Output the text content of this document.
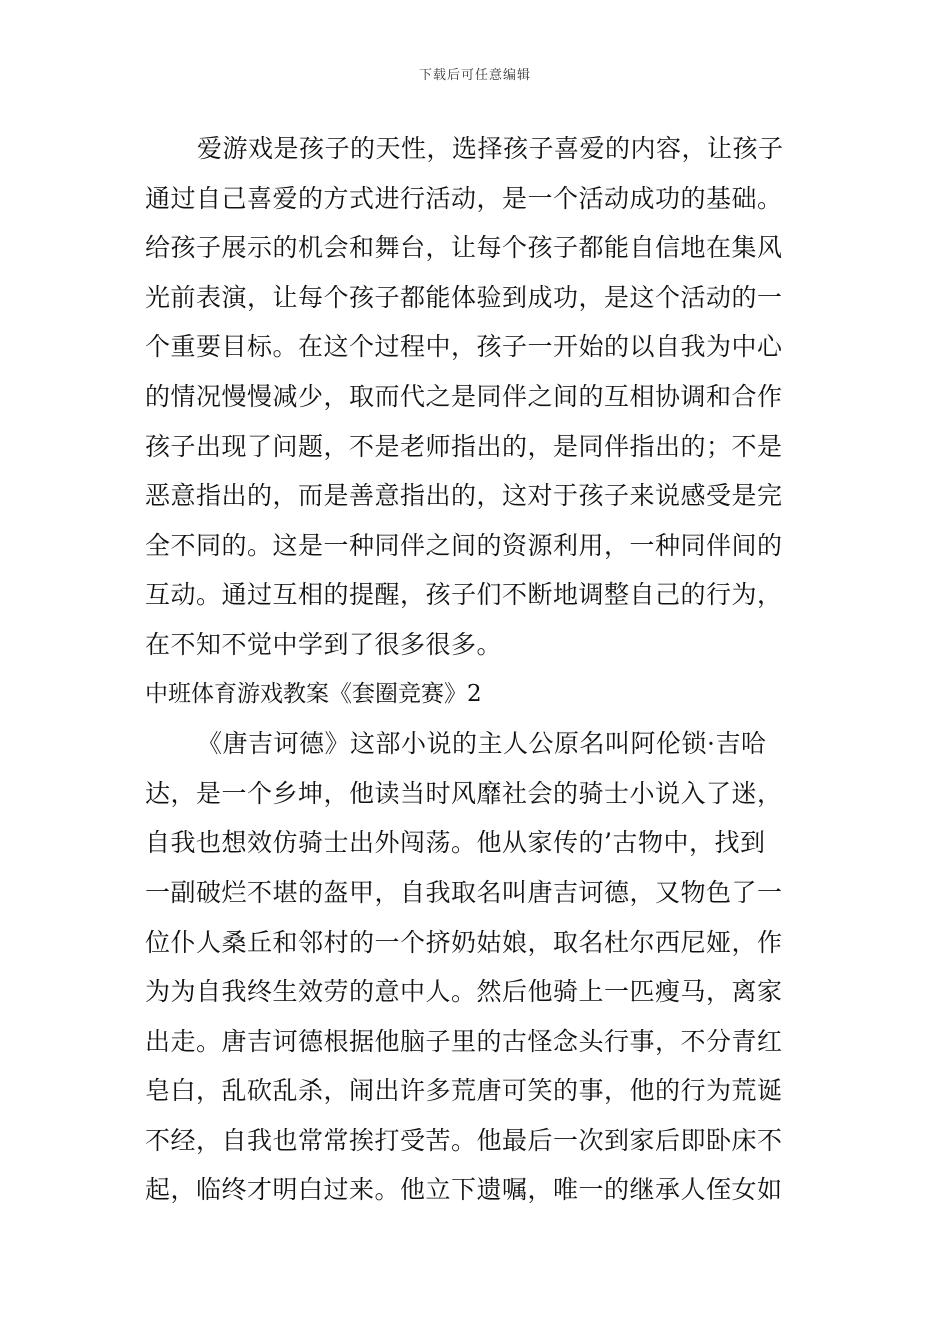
下载后可任意编辑
爱游戏是孩子的天性，选择孩子喜爱的内容，让孩子
通过自己喜爱的方式进行活动，是一个活动成功的基础。
给孩子展示的机会和舞台，让每个孩子都能自信地在集风
光前表演，让每个孩子都能体验到成功，是这个活动的一
个重要目标。在这个过程中，孩子一开始的以自我为中心
的情况慢慢减少，取而代之是同伴之间的互相协调和合作
孩子出现了问题，不是老师指出的，是同伴指出的；不是
恶意指出的，而是善意指出的，这对于孩子来说感受是完
全不同的。这是一种同伴之间的资源利用，一种同伴间的
互动。通过互相的提醒，孩子们不断地调整自己的行为，
在不知不觉中学到了很多很多。
中班体育游戏教案《套圈竞赛》2
《唐吉诃德》这部小说的主人公原名叫阿伦锁·吉哈
达，是一个乡坤，他读当时风靡社会的骑士小说入了迷，
自我也想效仿骑士出外闯荡。他从家传的’古物中，找到
一副破烂不堪的盔甲，自我取名叫唐吉诃德，又物色了一
位仆人桑丘和邻村的一个挤奶姑娘，取名杜尔西尼娅，作
为为自我终生效劳的意中人。然后他骑上一匹瘦马，离家
出走。唐吉诃德根据他脑子里的古怪念头行事，不分青红
皂白，乱砍乱杀，闹出许多荒唐可笑的事，他的行为荒诞
不经，自我也常常挨打受苦。他最后一次到家后即卧床不
起，临终才明白过来。他立下遗嘱，唯一的继承人侄女如
